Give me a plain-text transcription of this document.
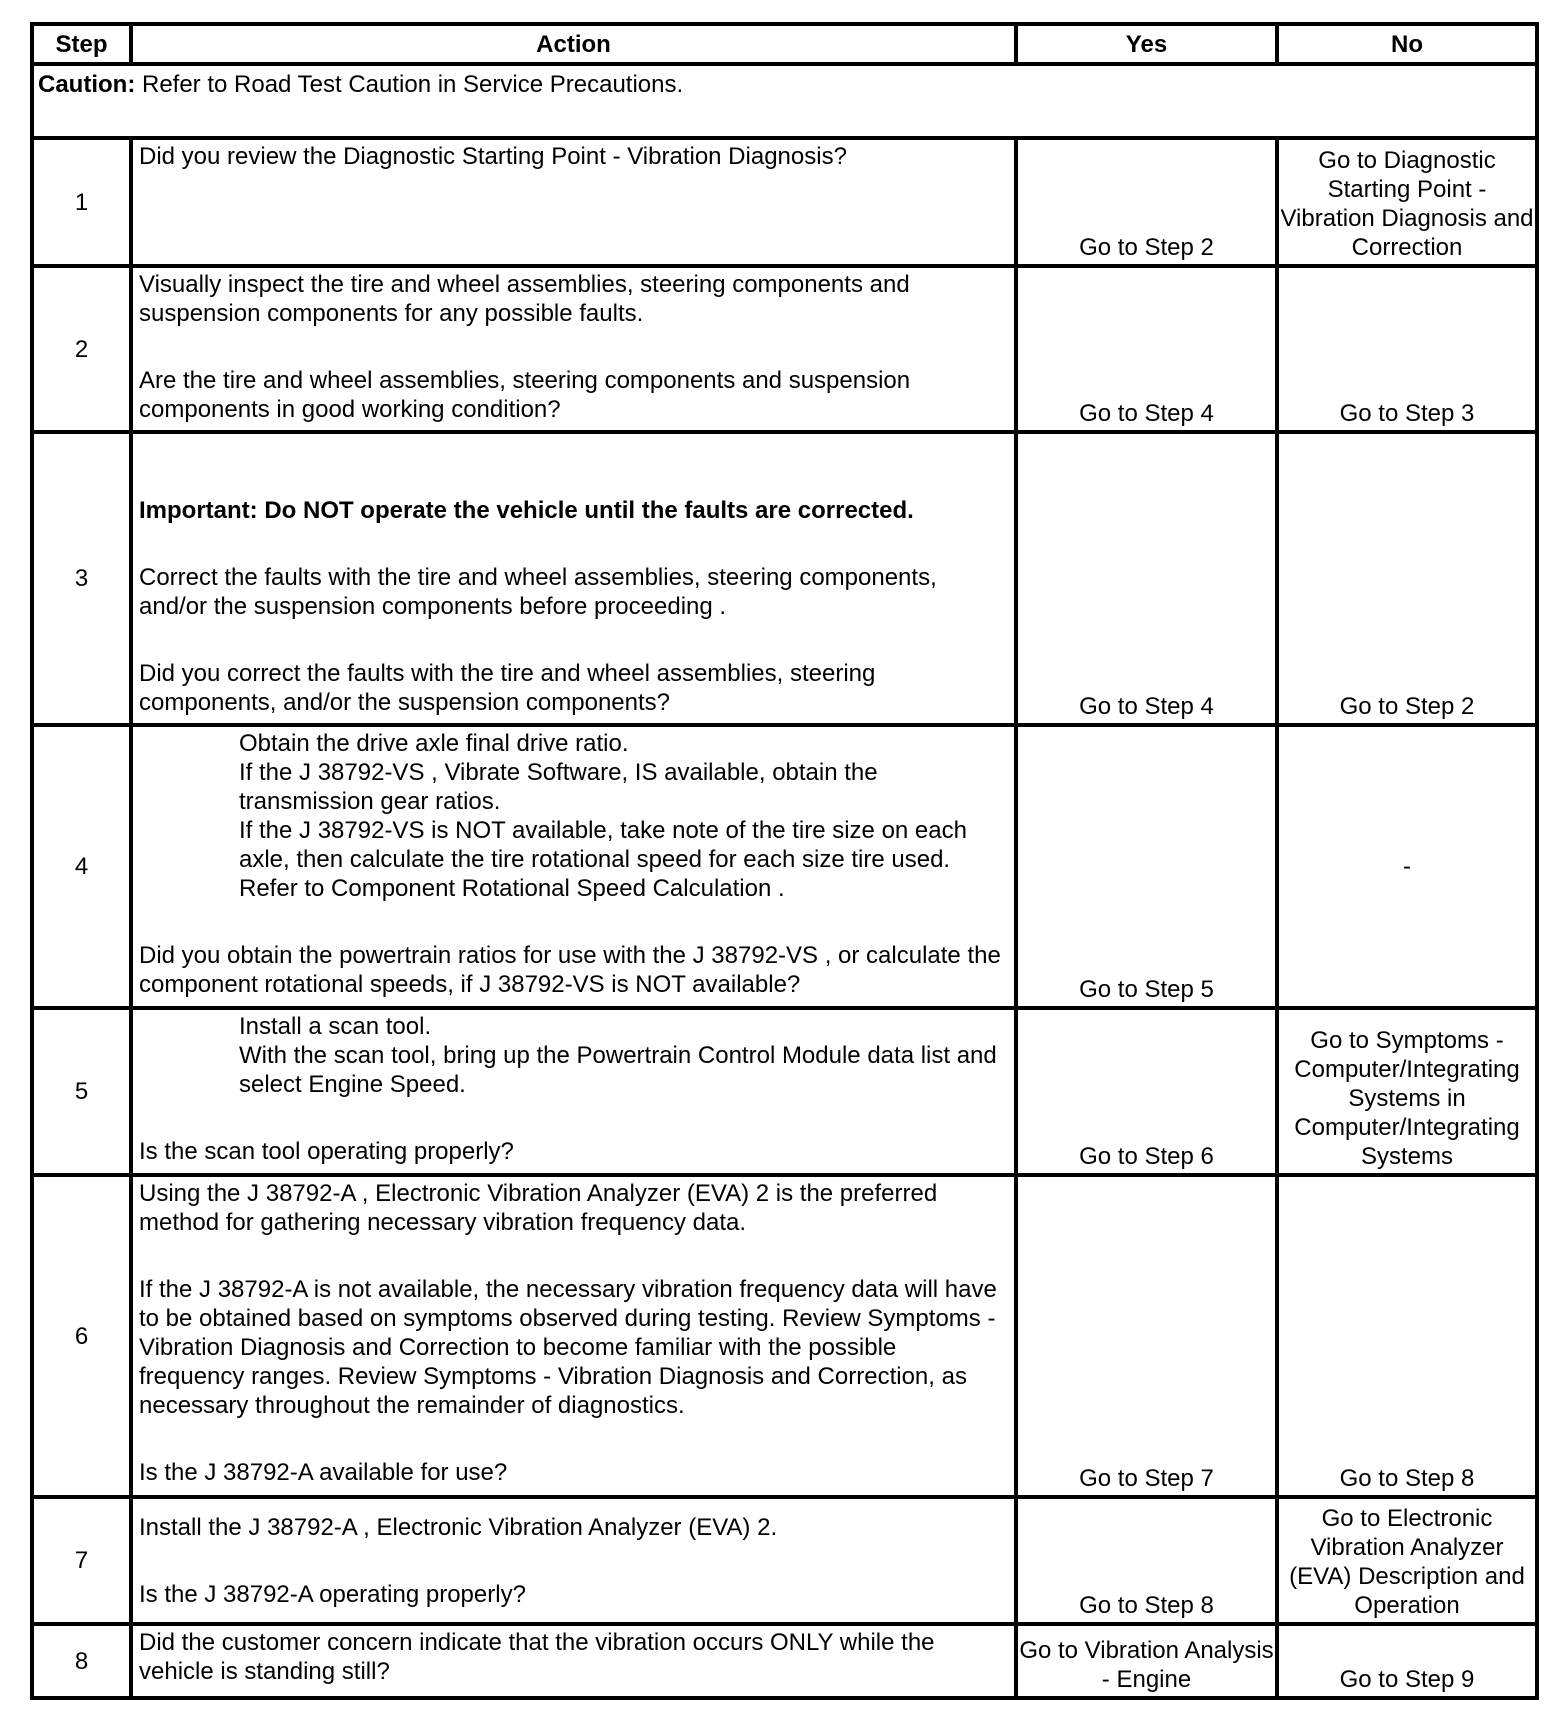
Step	Action	Yes	No
Caution: Refer to Road Test Caution in Service Precautions.			
1	Did you review the Diagnostic Starting Point - Vibration Diagnosis?	Go to Step 2	Go to Diagnostic Starting Point - Vibration Diagnosis and Correction
2	Visually inspect the tire and wheel assemblies, steering components and suspension components for any possible faults.
Are the tire and wheel assemblies, steering components and suspension components in good working condition?	Go to Step 4	Go to Step 3
3	Important: Do NOT operate the vehicle until the faults are corrected.
Correct the faults with the tire and wheel assemblies, steering components, and/or the suspension components before proceeding .
Did you correct the faults with the tire and wheel assemblies, steering components, and/or the suspension components?	Go to Step 4	Go to Step 2
4	Obtain the drive axle final drive ratio.
If the J 38792-VS , Vibrate Software, IS available, obtain the transmission gear ratios.
If the J 38792-VS is NOT available, take note of the tire size on each axle, then calculate the tire rotational speed for each size tire used. Refer to Component Rotational Speed Calculation .
Did you obtain the powertrain ratios for use with the J 38792-VS , or calculate the component rotational speeds, if J 38792-VS is NOT available?	Go to Step 5	-
5	Install a scan tool.
With the scan tool, bring up the Powertrain Control Module data list and select Engine Speed.
Is the scan tool operating properly?	Go to Step 6	Go to Symptoms - Computer/Integrating Systems in Computer/Integrating Systems
6	Using the J 38792-A , Electronic Vibration Analyzer (EVA) 2 is the preferred method for gathering necessary vibration frequency data.
If the J 38792-A is not available, the necessary vibration frequency data will have to be obtained based on symptoms observed during testing. Review Symptoms - Vibration Diagnosis and Correction to become familiar with the possible frequency ranges. Review Symptoms - Vibration Diagnosis and Correction, as necessary throughout the remainder of diagnostics.
Is the J 38792-A available for use?	Go to Step 7	Go to Step 8
7	Install the J 38792-A , Electronic Vibration Analyzer (EVA) 2.
Is the J 38792-A operating properly?	Go to Step 8	Go to Electronic Vibration Analyzer (EVA) Description and Operation
8	Did the customer concern indicate that the vibration occurs ONLY while the vehicle is standing still?	Go to Vibration Analysis - Engine	Go to Step 9
